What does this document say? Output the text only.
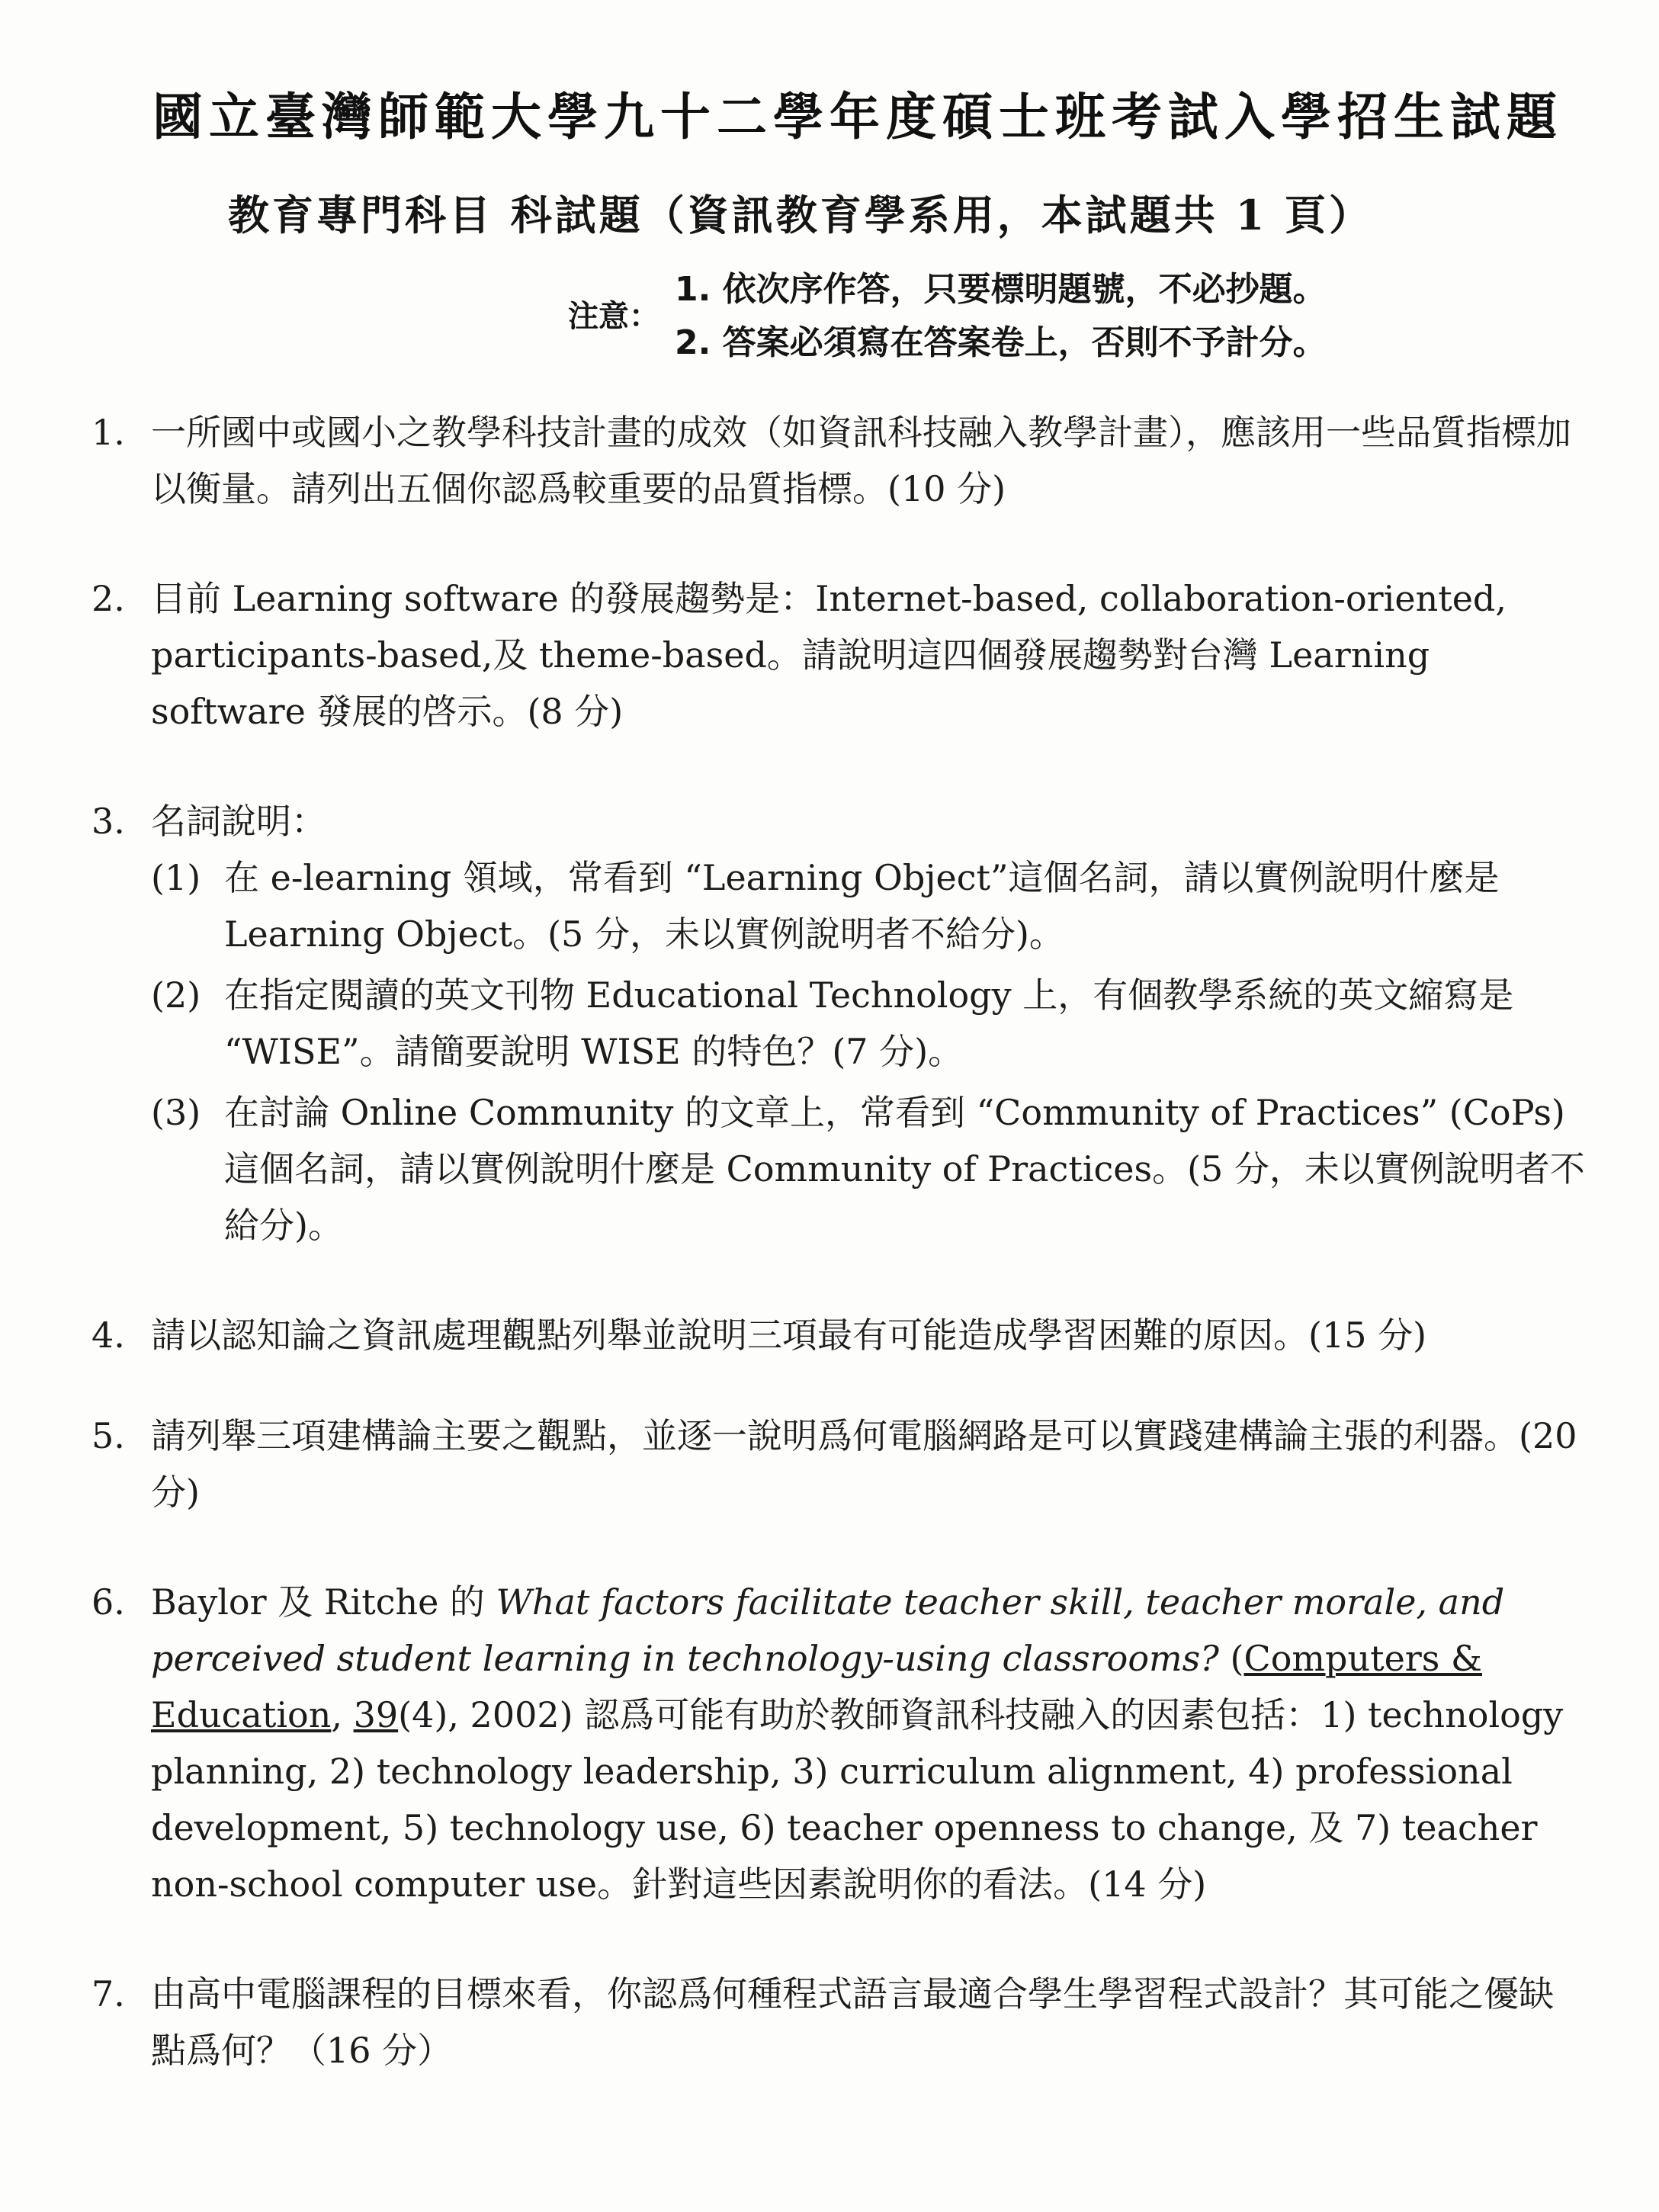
國立臺灣師範大學九十二學年度碩士班考試入學招生試題
教育專門科目 科試題（資訊教育學系用，本試題共 1 頁）
注意：
1. 依次序作答，只要標明題號，不必抄題。
2. 答案必須寫在答案卷上，否則不予計分。
1. 一所國中或國小之教學科技計畫的成效（如資訊科技融入教學計畫），應該用一些品質指標加以衡量。請列出五個你認爲較重要的品質指標。(10 分)
2. 目前 Learning software 的發展趨勢是：Internet-based, collaboration-oriented, participants-based,及 theme-based。請說明這四個發展趨勢對台灣 Learning software 發展的啓示。(8 分)
3. 名詞說明：
(1) 在 e-learning 領域，常看到 “Learning Object”這個名詞，請以實例說明什麼是 Learning Object。(5 分，未以實例說明者不給分)。
(2) 在指定閱讀的英文刊物 Educational Technology 上，有個教學系統的英文縮寫是 “WISE”。請簡要說明 WISE 的特色？(7 分)。
(3) 在討論 Online Community 的文章上，常看到 “Community of Practices” (CoPs)這個名詞，請以實例說明什麼是 Community of Practices。(5 分，未以實例說明者不給分)。
4. 請以認知論之資訊處理觀點列舉並說明三項最有可能造成學習困難的原因。(15 分)
5. 請列舉三項建構論主要之觀點，並逐一說明爲何電腦網路是可以實踐建構論主張的利器。(20 分)
6. Baylor 及 Ritche 的 What factors facilitate teacher skill, teacher morale, and perceived student learning in technology-using classrooms? (Computers & Education, 39(4), 2002) 認爲可能有助於教師資訊科技融入的因素包括：1) technology planning, 2) technology leadership, 3) curriculum alignment, 4) professional development, 5) technology use, 6) teacher openness to change, 及 7) teacher non-school computer use。針對這些因素說明你的看法。(14 分)
7. 由高中電腦課程的目標來看，你認爲何種程式語言最適合學生學習程式設計？其可能之優缺點爲何？（16 分）
